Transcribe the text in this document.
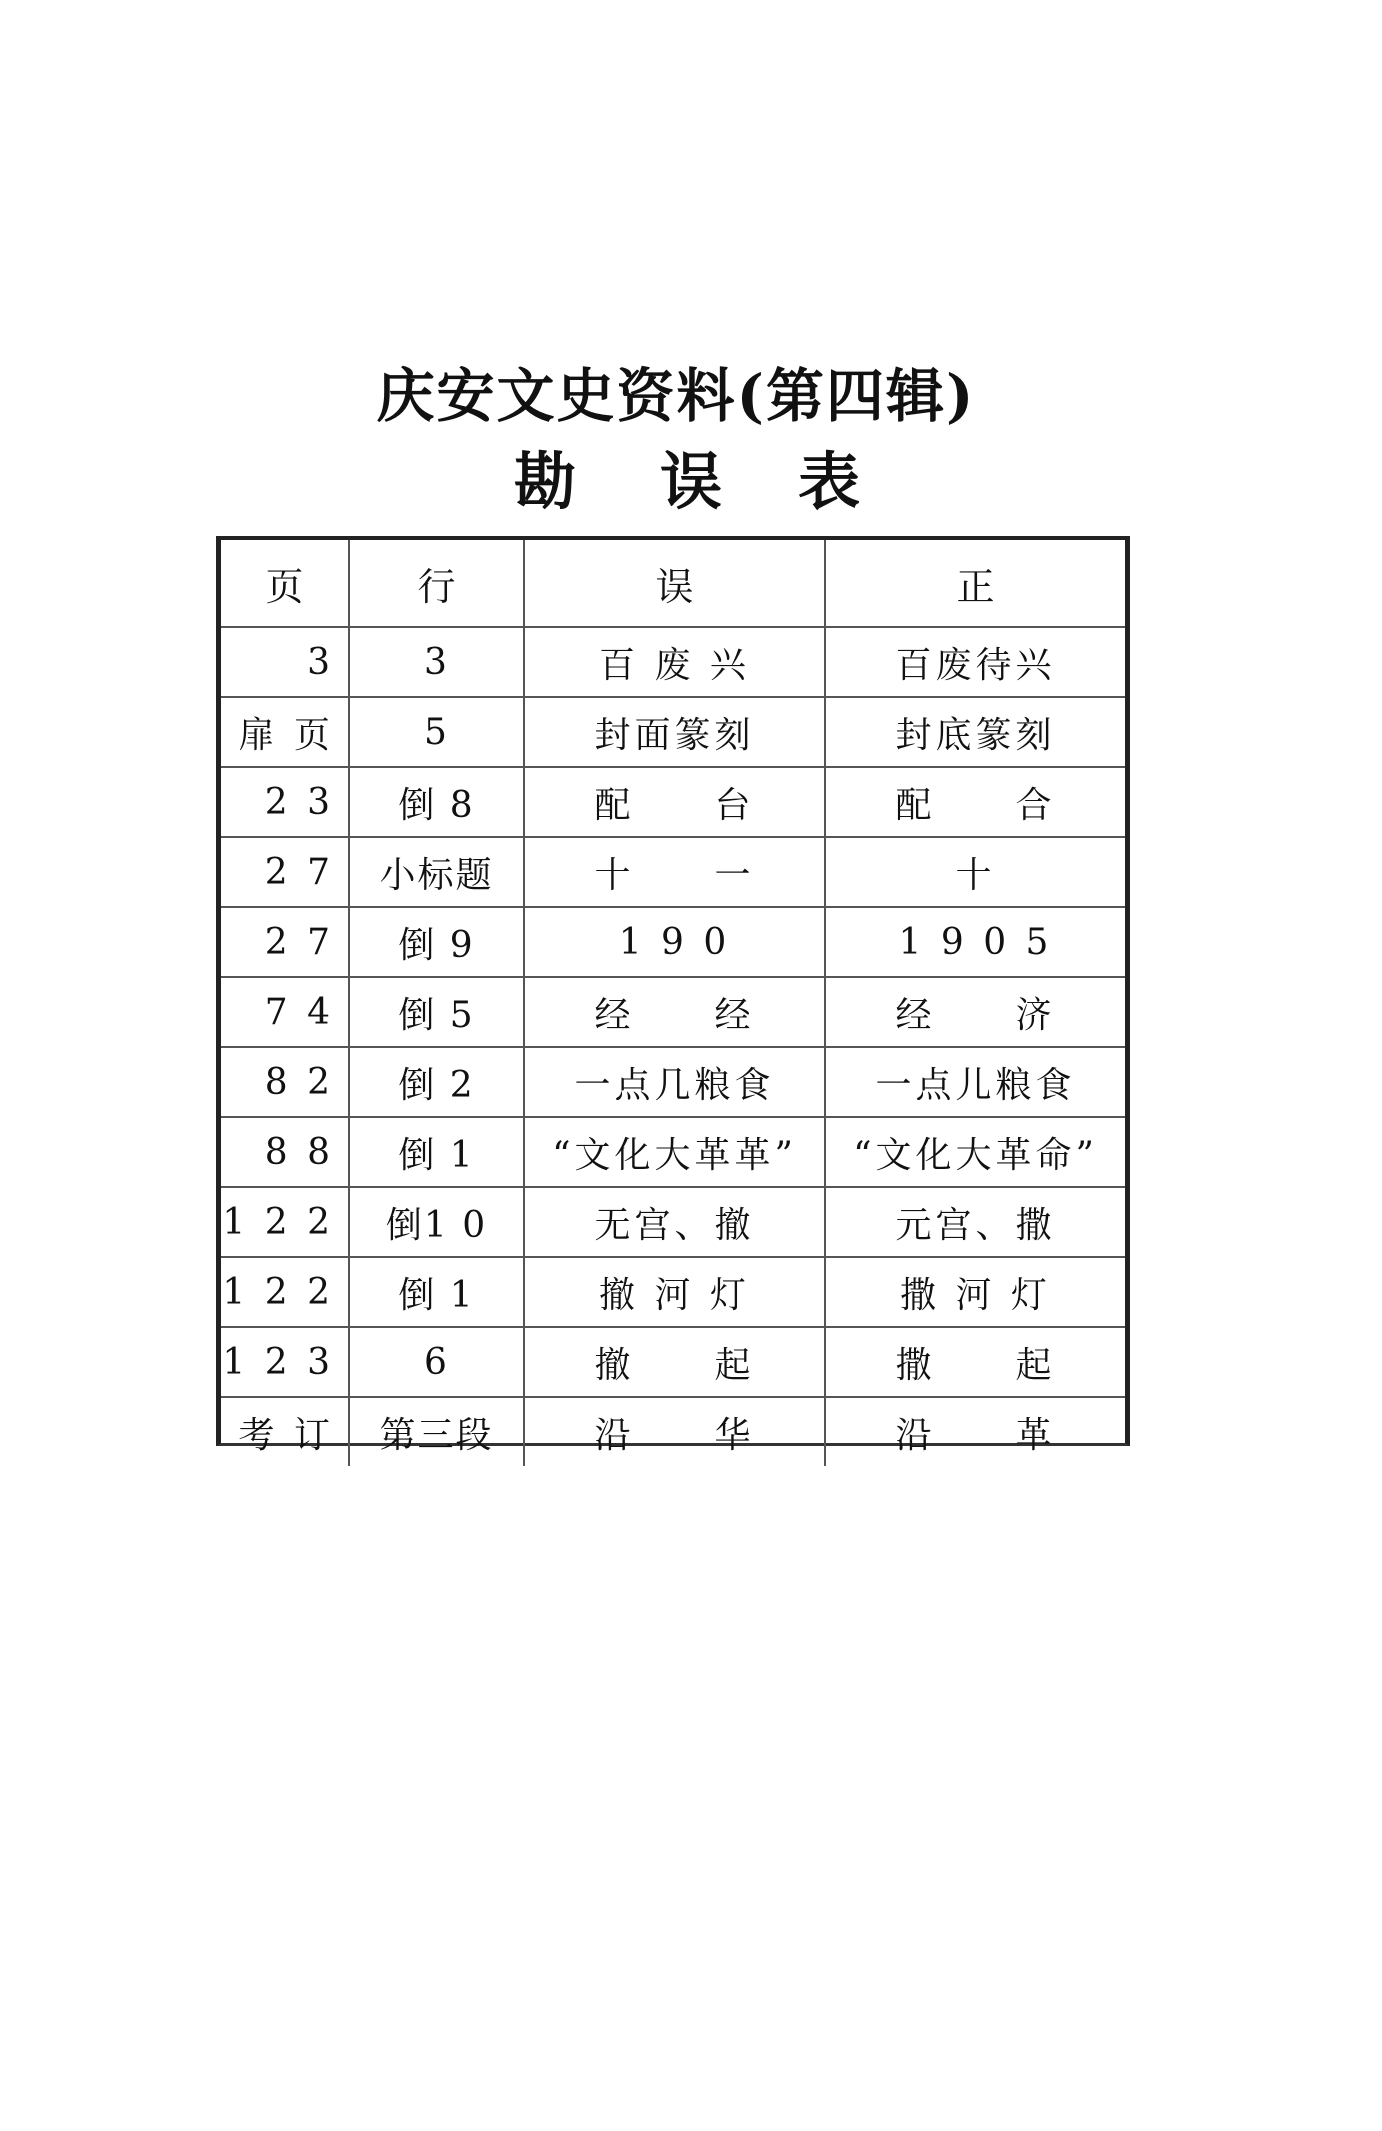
庆安文史资料(第四辑)
勘 误 表
页	行	误	正
3	3	百 废 兴	百废待兴
扉 页	5	封面篆刻	封底篆刻
2 3	倒 8	配　　台	配　　合
2 7	小标题	十　　一	十
2 7	倒 9	1 9 0	1 9 0 5
7 4	倒 5	经　　经	经　　济
8 2	倒 2	一点几粮食	一点儿粮食
8 8	倒 1	“文化大革革”	“文化大革命”
1 2 2	倒1 0	无宫、撤	元宫、撒
1 2 2	倒 1	撤 河 灯	撒 河 灯
1 2 3	6	撤　　起	撒　　起
考 订	第三段	沿　　华	沿　　革
